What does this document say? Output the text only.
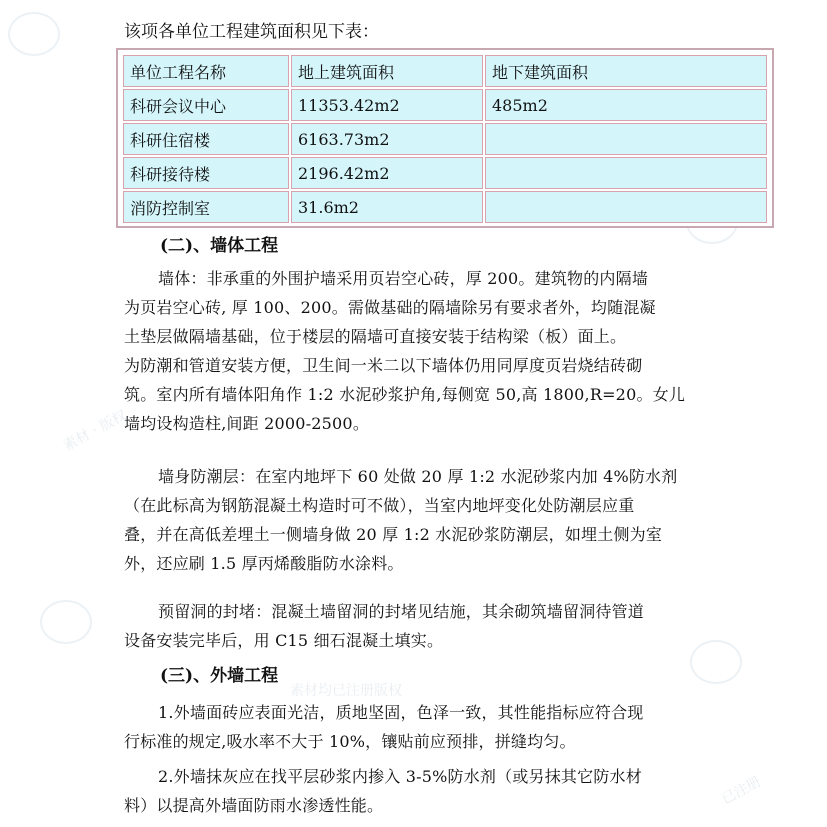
素材 · 版权
素材均已注册版权
已注册
该项各单位工程建筑面积见下表：
单位工程名称	地上建筑面积	地下建筑面积
科研会议中心	11353.42m2	485m2
科研住宿楼	6163.73m2	
科研接待楼	2196.42m2	
消防控制室	31.6m2	
(二)、墙体工程
墙体：非承重的外围护墙采用页岩空心砖，厚 200。建筑物的内隔墙
为页岩空心砖, 厚 100、200。需做基础的隔墙除另有要求者外，均随混凝
土垫层做隔墙基础，位于楼层的隔墙可直接安装于结构梁（板）面上。
为防潮和管道安装方便，卫生间一米二以下墙体仍用同厚度页岩烧结砖砌
筑。室内所有墙体阳角作 1:2 水泥砂浆护角,每侧宽 50,高 1800,R=20。女儿
墙均设构造柱,间距 2000-2500。
墙身防潮层：在室内地坪下 60 处做 20 厚 1:2 水泥砂浆内加 4%防水剂
（在此标高为钢筋混凝土构造时可不做），当室内地坪变化处防潮层应重
叠，并在高低差埋土一侧墙身做 20 厚 1:2 水泥砂浆防潮层，如埋土侧为室
外，还应刷 1.5 厚丙烯酸脂防水涂料。
预留洞的封堵：混凝土墙留洞的封堵见结施，其余砌筑墙留洞待管道
设备安装完毕后，用 C15 细石混凝土填实。
(三)、外墙工程
1.外墙面砖应表面光洁，质地坚固，色泽一致，其性能指标应符合现
行标准的规定,吸水率不大于 10%，镶贴前应预排，拼缝均匀。
2.外墙抹灰应在找平层砂浆内掺入 3-5%防水剂（或另抹其它防水材
料）以提高外墙面防雨水渗透性能。
